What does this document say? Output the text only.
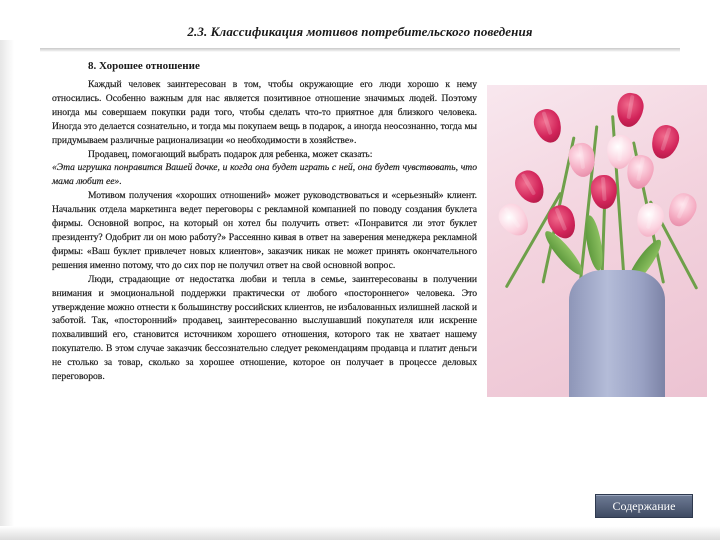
2.3. Классификация мотивов потребительского поведения
8. Хорошее отношение

Каждый человек заинтересован в том, чтобы окружающие его люди хорошо к нему относились. Особенно важным для нас является позитивное отношение значимых людей. Поэтому иногда мы совершаем покупки ради того, чтобы сделать что-то приятное для близкого человека. Иногда это делается сознательно, и тогда мы покупаем вещь в подарок, а иногда неосознанно, тогда мы придумываем различные рационализации «о необходимости в хозяйстве».

Продавец, помогающий выбрать подарок для ребенка, может сказать:

«Эта игрушка понравится Вашей дочке, и когда она будет играть с ней, она будет чувствовать, что мама любит ее».

Мотивом получения «хороших отношений» может руководствоваться и «серьезный» клиент. Начальник отдела маркетинга ведет переговоры с рекламной компанией по поводу создания буклета фирмы. Основной вопрос, на который он хотел бы получить ответ: «Понравится ли этот буклет президенту? Одобрит ли он мою работу?» Рассеянно кивая в ответ на заверения менеджера рекламной фирмы: «Ваш буклет привлечет новых клиентов», заказчик никак не может принять окончательного решения именно потому, что до сих пор не получил ответ на свой основной вопрос.

Люди, страдающие от недостатка любви и тепла в семье, заинтересованы в получении внимания и эмоциональной поддержки практически от любого «постороннего» человека. Это утверждение можно отнести к большинству российских клиентов, не избалованных излишней лаской и заботой. Так, «посторонний» продавец, заинтересованно выслушавший покупателя или искренне похваливший его, становится источником хорошего отношения, которого так не хватает нашему покупателю. В этом случае заказчик бессознательно следует рекомендациям продавца и платит деньги не столько за товар, сколько за хорошее отношение, которое он получает в процессе деловых переговоров.

Содержание
